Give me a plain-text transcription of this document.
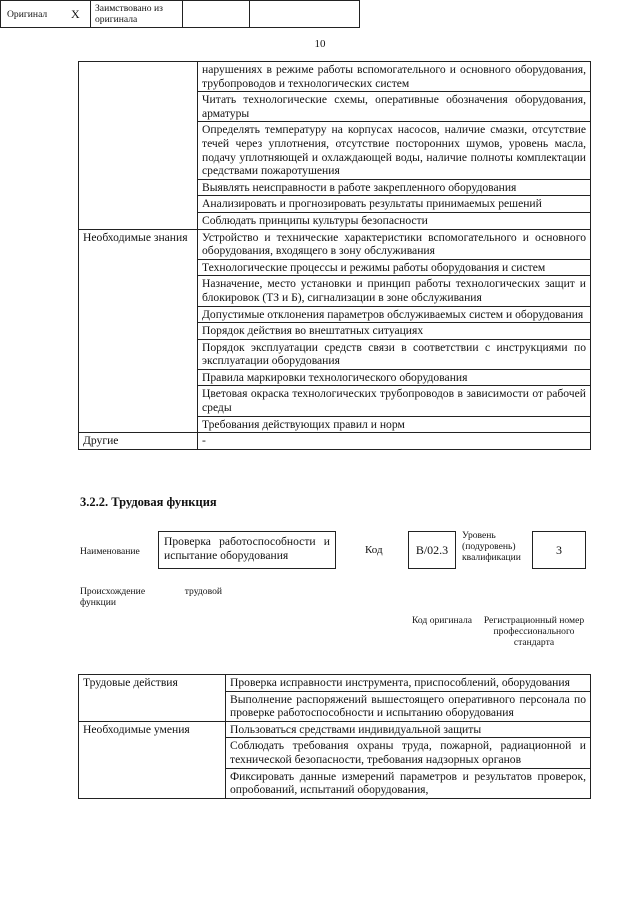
10
	нарушениях в режиме работы вспомогательного и основного оборудования, трубопроводов и технологических систем
	Читать технологические схемы, оперативные обозначения оборудования, арматуры
	Определять температуру на корпусах насосов, наличие смазки, отсутствие течей через уплотнения, отсутствие посторонних шумов, уровень масла, подачу уплотняющей и охлаждающей воды, наличие полноты комплектации средствами пожаротушения
	Выявлять неисправности в работе закрепленного оборудования
	Анализировать и прогнозировать результаты принимаемых решений
	Соблюдать принципы культуры безопасности
Необходимые знания	Устройство и технические характеристики вспомогательного и основного оборудования, входящего в зону обслуживания
	Технологические процессы и режимы работы оборудования и систем
	Назначение, место установки и принцип работы технологических защит и блокировок (ТЗ и Б), сигнализации в зоне обслуживания
	Допустимые отклонения параметров обслуживаемых систем и оборудования
	Порядок действия во внештатных ситуациях
	Порядок эксплуатации средств связи в соответствии с инструкциями по эксплуатации оборудования
	Правила маркировки технологического оборудования
	Цветовая окраска технологических трубопроводов в зависимости от рабочей среды
	Требования действующих правил и норм
Другие	-
3.2.2. Трудовая функция
Наименование
Проверка работоспособности и испытание оборудования	Код	B/02.3
Уровень (подуровень) квалификации
3
Происхождение трудовой функции
Оригинал	X	Заимствовано из оригинала
Код оригинала	Регистрационный номер профессионального стандарта
Трудовые действия	Проверка исправности инструмента, приспособлений, оборудования
	Выполнение распоряжений вышестоящего оперативного персонала по проверке работоспособности и испытанию оборудования
Необходимые умения	Пользоваться средствами индивидуальной защиты
	Соблюдать требования охраны труда, пожарной, радиационной и технической безопасности, требования надзорных органов
	Фиксировать данные измерений параметров и результатов проверок, опробований, испытаний оборудования,
